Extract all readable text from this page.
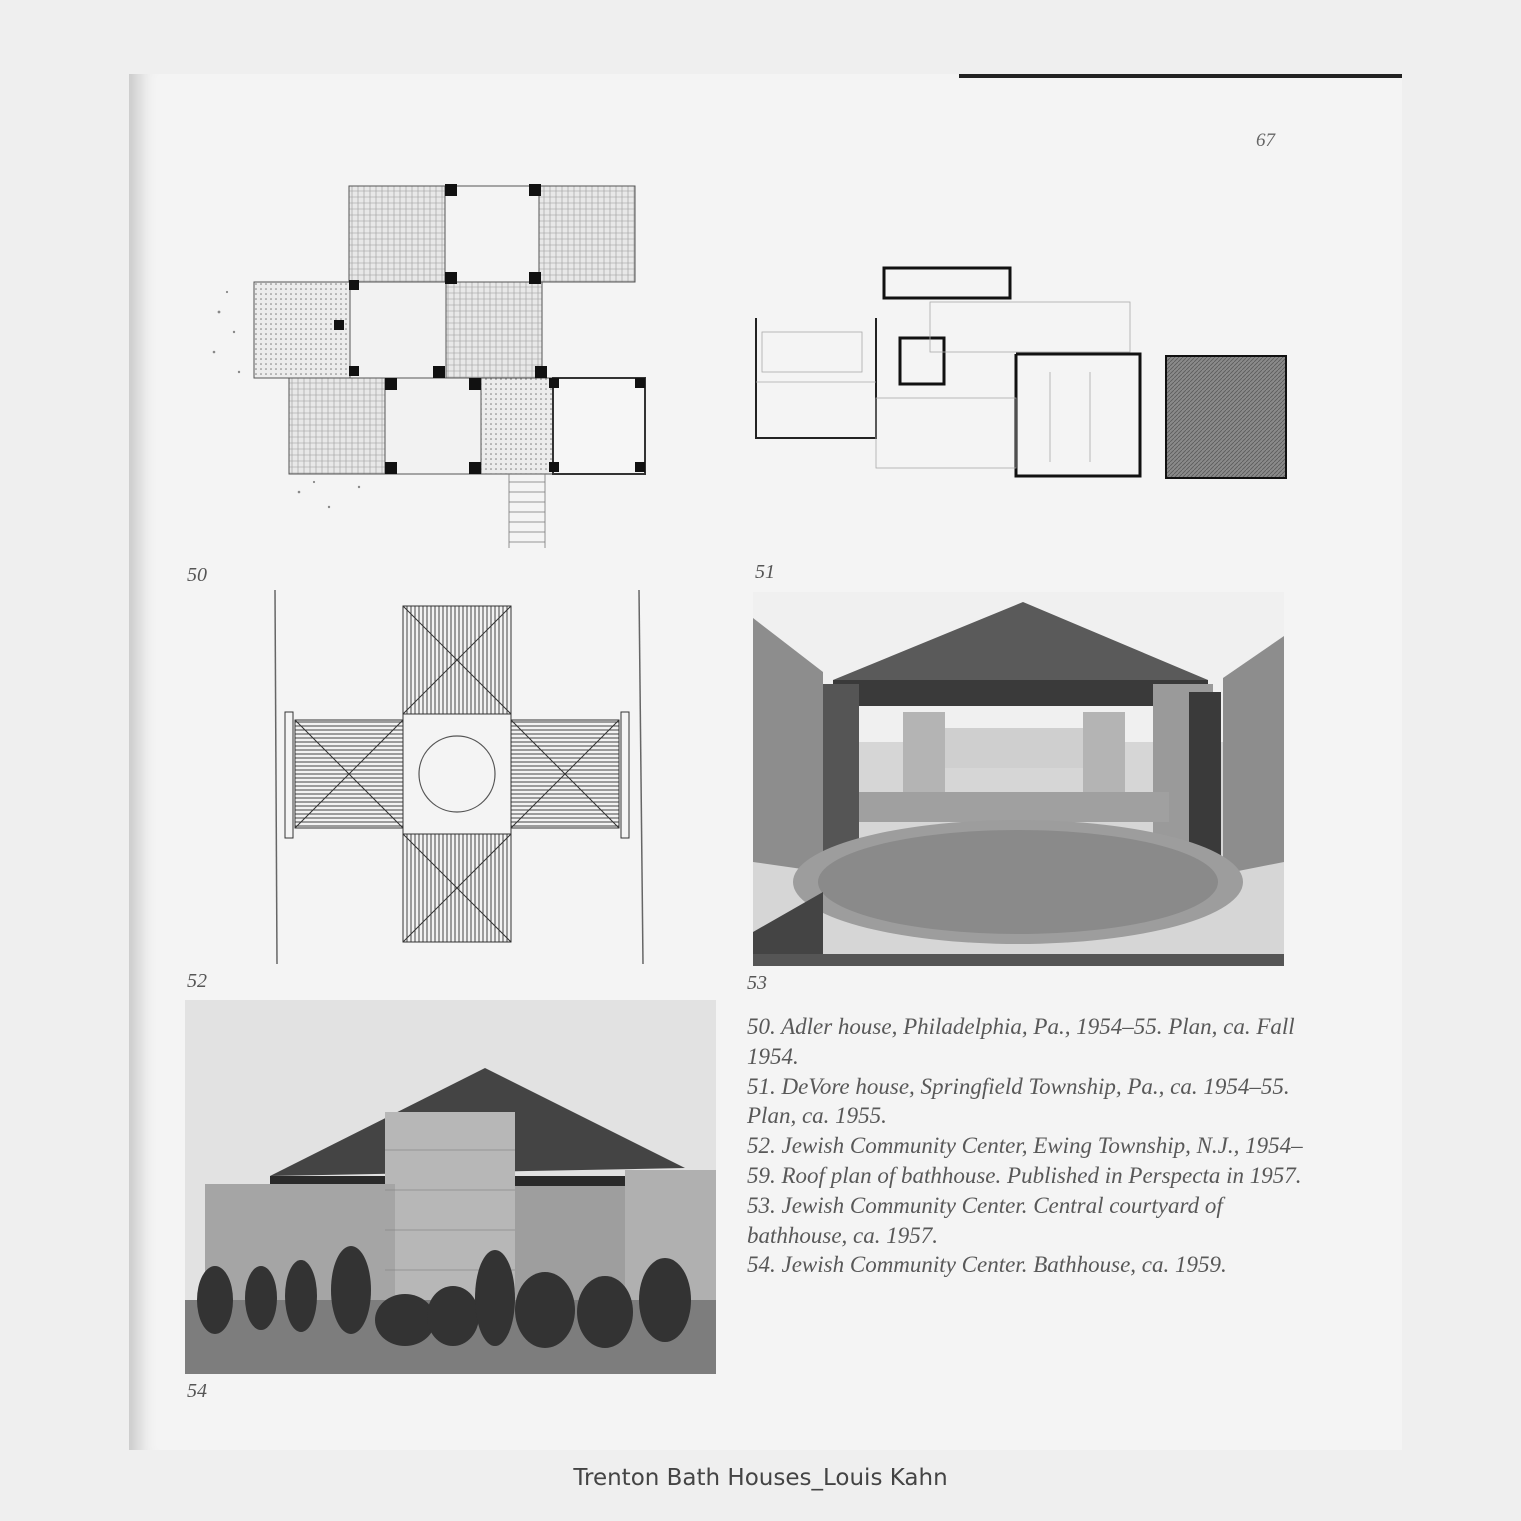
67
50	51
52	53
54

50. Adler house, Philadelphia, Pa., 1954–55. Plan, ca. Fall 1954.

51. DeVore house, Springfield Township, Pa., ca. 1954–55. Plan, ca. 1955.

52. Jewish Community Center, Ewing Township, N.J., 1954–59. Roof plan of bathhouse. Published in Perspecta in 1957.

53. Jewish Community Center. Central courtyard of bathhouse, ca. 1957.

54. Jewish Community Center. Bathhouse, ca. 1959.

Trenton Bath Houses_Louis Kahn
